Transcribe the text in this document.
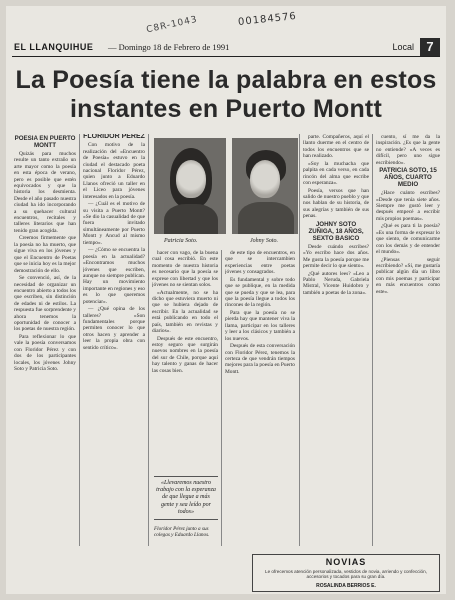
C8R-1043	00184576
EL LLANQUIHUE — Domingo 18 de Febrero de 1991	Local 7
La Poesía tiene la palabra en estos instantes en Puerto Montt
POESIA EN PUERTO MONTT

Quizás para muchos resulte un tanto extraño un arte mayor como la poesía en esta época de verano, pero es posible que estén equivocados y que la historia los desmienta. Desde el año pasado nuestra ciudad ha ido incorporando a su quehacer cultural encuentros, recitales y talleres literarios que han tenido gran acogida.

Creemos firmemente que la poesía no ha muerto, que sigue viva en los jóvenes y que el Encuentro de Poetas que se inicia hoy es la mejor demostración de ello.

Se convenció, así, de la necesidad de organizar un encuentro abierto a todos los que escriben, sin distinción de edades ni de estilos. La respuesta fue sorprendente y ahora tenemos la oportunidad de conocer a los poetas de nuestra región.

Para reflexionar lo que vale la poesía conversamos con Floridor Pérez y con dos de los participantes locales, los jóvenes Johny Soto y Patricia Soto.

FLORIDOR PEREZ

Con motivo de la realización del «Encuentro de Poesía» estuvo en la ciudad el destacado poeta nacional Floridor Pérez, quien junto a Eduardo Llanos ofreció un taller en el Liceo para jóvenes interesados en la poesía.

— ¿Cuál es el motivo de su visita a Puerto Montt? «Se dio la casualidad de que fuera invitado simultáneamente por Puerto Montt y Ancud al mismo tiempo».

— ¿Cómo se encuentra la poesía en la actualidad? «Encontramos muchos jóvenes que escriben, aunque no siempre publican. Hay un movimiento importante en regiones y eso es lo que queremos potenciar».

— ¿Qué opina de los talleres? «Son fundamentales porque permiten conocer lo que otros hacen y aprender a leer la propia obra con sentido crítico».

Patricia Soto.	Johny Soto.

hacer con vago, de la buena cual cosa escribió. En este momento de nuestra historia es necesario que la poesía se exprese con libertad y que los jóvenes no se sientan solos.

«Actualmente, no se ha dicho que estuviera muerto ni que se hubiera dejado de escribir. En la actualidad se está publicando en todo el país, también en revistas y diarios».

Después de este encuentro, estoy seguro que surgirán nuevos nombres en la poesía del sur de Chile, porque aquí hay talento y ganas de hacer las cosas bien.

«Llevaremos nuestro trabajo con la esperanza de que llegue a más gente y sea leído por todos»
Floridor Pérez junto a sus colegas y Eduardo Llanos.

de este tipo de encuentros, en que se intercambien experiencias entre poetas jóvenes y consagrados.

Es fundamental y sobre todo que se publique, en la medida que se pueda y que se lea, para que la poesía llegue a todos los rincones de la región.

Para que la poesía no se pierda hay que mantener viva la llama, participar en los talleres y leer a los clásicos y también a los nuevos.

Después de esta conversación con Floridor Pérez, tenemos la certeza de que vendrán tiempos mejores para la poesía en Puerto Montt.

parte. Compañeros, aquí el llanto duerme en el centro de todos los encuentros que se han realizado.

«Soy la muchacha que palpita en cada verso, en cada rincón del alma que escribe con esperanza».

Poesía, versos que han salido de nuestro pueblo y que nos hablan de su historia, de sus alegrías y también de sus penas.

JOHNY SOTO ZUÑIGA, 18 AÑOS, SEXTO BASICO

Desde cuándo escribes? «Yo escribo hace dos años. Me gusta la poesía porque me permite decir lo que siento».

¿Qué autores lees? «Leo a Pablo Neruda, Gabriela Mistral, Vicente Huidobro y también a poetas de la zona».

cuento, sí me da la inspiración. ¿Es que la gente no entiende? «A veces es difícil, pero uno sigue escribiendo».

PATRICIA SOTO, 15 AÑOS, CUARTO MEDIO

¿Hace cuánto escribes? «Desde que tenía siete años. Siempre me gustó leer y después empecé a escribir mis propios poemas».

¿Qué es para ti la poesía? «Es una forma de expresar lo que siento, de comunicarme con los demás y de entender el mundo».

¿Piensas seguir escribiendo? «Sí, me gustaría publicar algún día un libro con mis poemas y participar en más encuentros como este».

NOVIAS
Le ofrecemos atención personalizada, vestidos de novia, arriendo y confección, accesorios y tocados para su gran día.
ROSALINDA BERRIOS E.
